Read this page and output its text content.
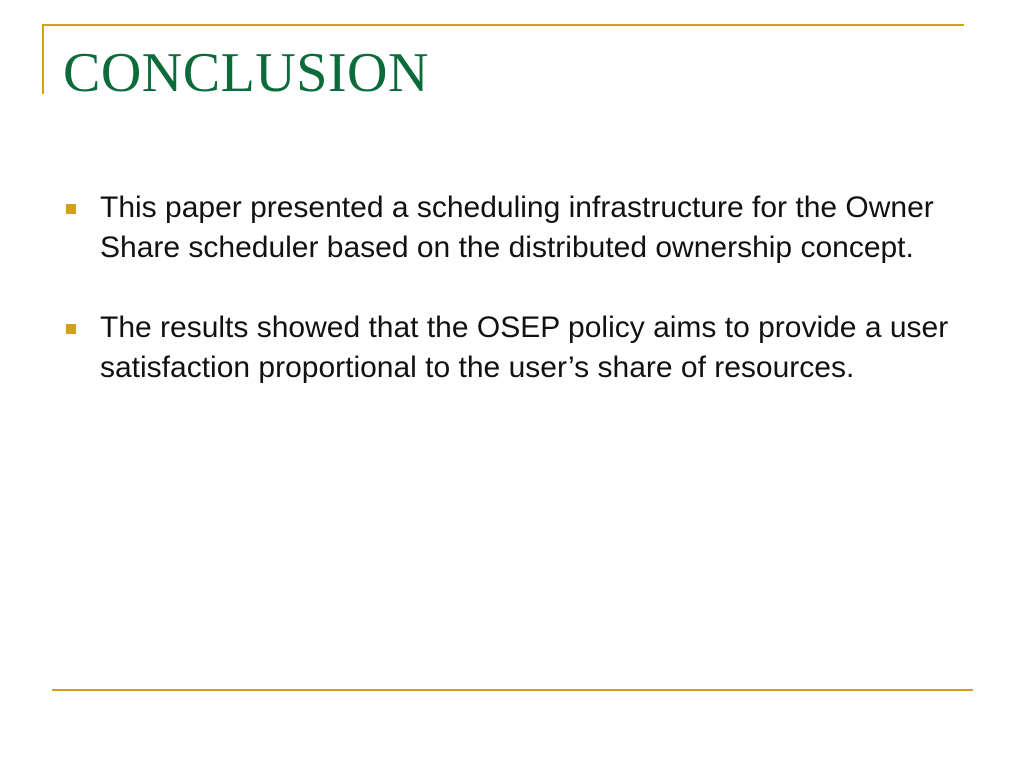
CONCLUSION
This paper presented a scheduling infrastructure for the Owner Share scheduler based on the distributed ownership concept.
The results showed that the OSEP policy aims to provide a user satisfaction proportional to the user’s share of resources.
